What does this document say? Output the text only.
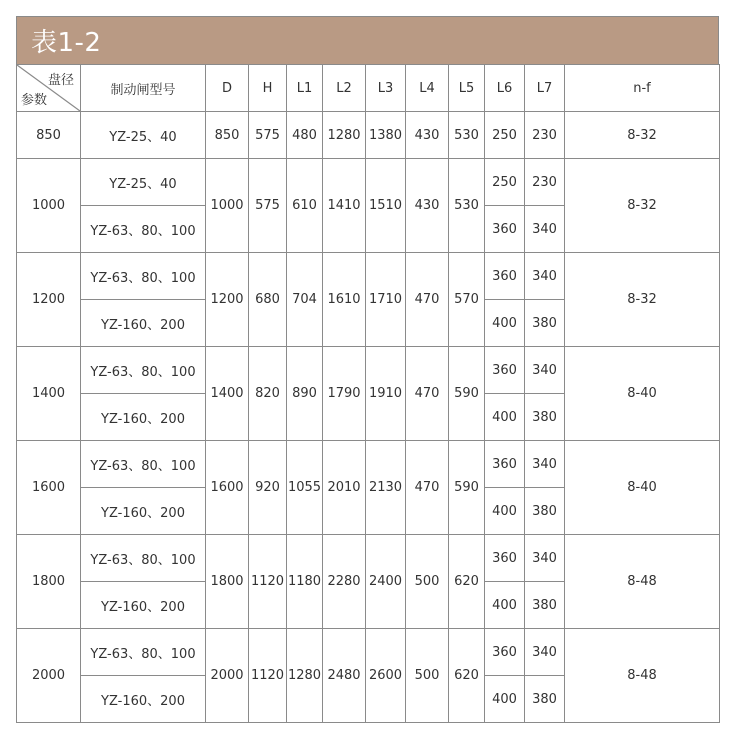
表1-2
盘径
参数	制动闸型号	D	H	L1	L2	L3	L4	L5	L6	L7	n-f
850	YZ-25、40	850	575	480	1280	1380	430	530	250	230	8-32
1000	YZ-25、40	1000	575	610	1410	1510	430	530	250	230	8-32
	YZ-63、80、100								360	340	
1200	YZ-63、80、100	1200	680	704	1610	1710	470	570	360	340	8-32
	YZ-160、200								400	380	
1400	YZ-63、80、100	1400	820	890	1790	1910	470	590	360	340	8-40
	YZ-160、200								400	380	
1600	YZ-63、80、100	1600	920	1055	2010	2130	470	590	360	340	8-40
	YZ-160、200								400	380	
1800	YZ-63、80、100	1800	1120	1180	2280	2400	500	620	360	340	8-48
	YZ-160、200								400	380	
2000	YZ-63、80、100	2000	1120	1280	2480	2600	500	620	360	340	8-48
	YZ-160、200								400	380	
